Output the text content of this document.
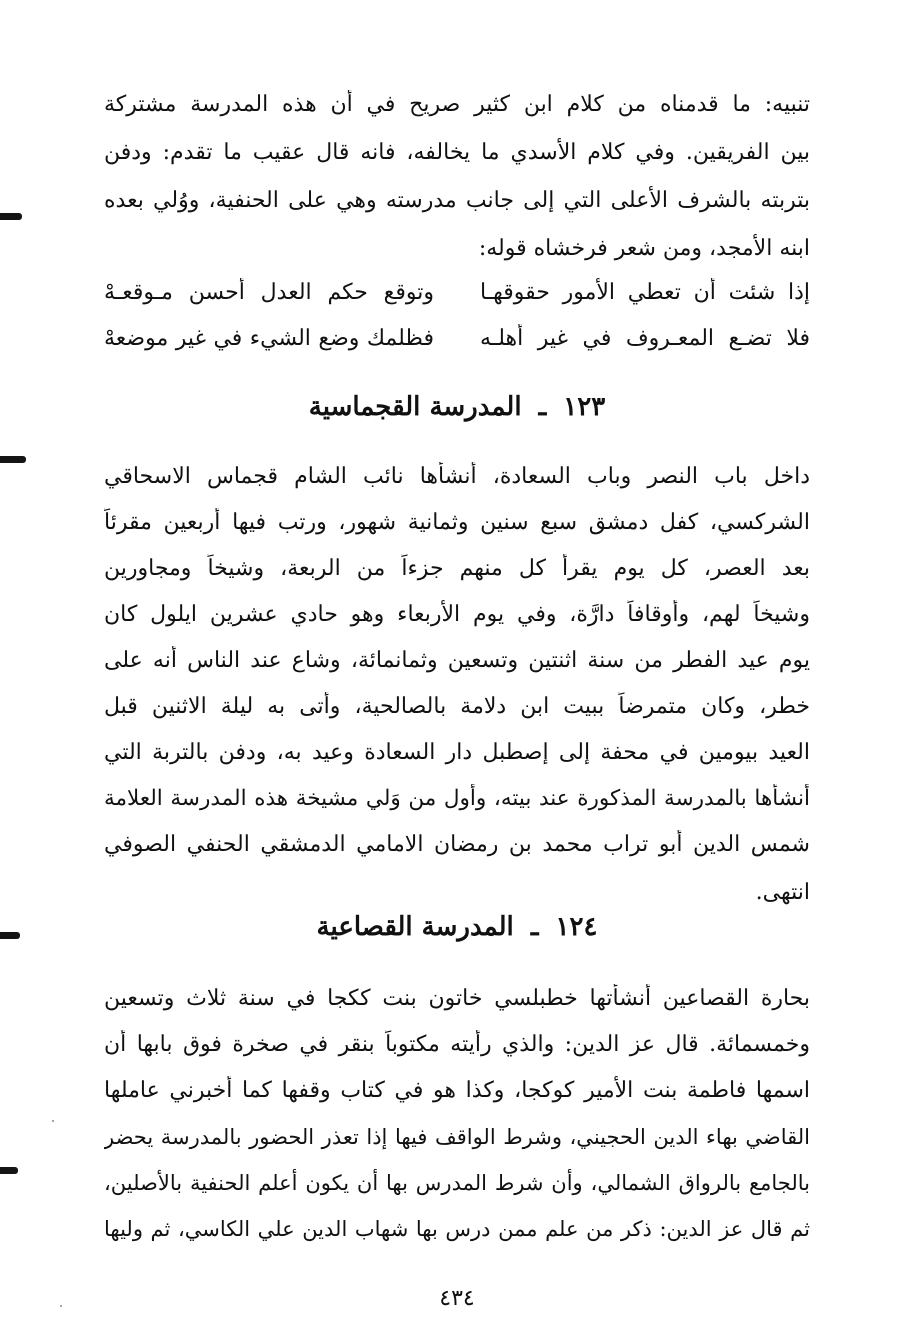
تنبيه: ما قدمناه من كلام ابن كثير صريح في أن هذه المدرسة مشتركة
بين الفريقين. وفي كلام الأسدي ما يخالفه، فانه قال عقيب ما تقدم: ودفن
بتربته بالشرف الأعلى التي إلى جانب مدرسته وهي على الحنفية، ووُلي بعده
ابنه الأمجد، ومن شعر فرخشاه قوله:
إذا شئت أن تعطي الأمور حقوقهـا
وتوقع حكم العدل أحسن مـوقعـهْ
فلا تضـع المعـروف في غير أهلـه
فظلمك وضع الشيء في غير موضعهْ
١٢٣ ـ المدرسة القجماسية
داخل باب النصر وباب السعادة، أنشأها نائب الشام قجماس الاسحاقي
الشركسي، كفل دمشق سبع سنين وثمانية شهور، ورتب فيها أربعين مقرئاً
بعد العصر، كل يوم يقرأ كل منهم جزءاً من الربعة، وشيخاً ومجاورين
وشيخاً لهم، وأوقافاً دارَّة، وفي يوم الأربعاء وهو حادي عشرين ايلول كان
يوم عيد الفطر من سنة اثنتين وتسعين وثمانمائة، وشاع عند الناس أنه على
خطر، وكان متمرضاً ببيت ابن دلامة بالصالحية، وأتى به ليلة الاثنين قبل
العيد بيومين في محفة إلى إصطبل دار السعادة وعيد به، ودفن بالتربة التي
أنشأها بالمدرسة المذكورة عند بيته، وأول من وَلي مشيخة هذه المدرسة العلامة
شمس الدين أبو تراب محمد بن رمضان الامامي الدمشقي الحنفي الصوفي
انتهى.
١٢٤ ـ المدرسة القصاعية
بحارة القصاعين أنشأتها خطبلسي خاتون بنت ككجا في سنة ثلاث وتسعين
وخمسمائة. قال عز الدين: والذي رأيته مكتوباً بنقر في صخرة فوق بابها أن
اسمها فاطمة بنت الأمير كوكجا، وكذا هو في كتاب وقفها كما أخبرني عاملها
القاضي بهاء الدين الحجيني، وشرط الواقف فيها إذا تعذر الحضور بالمدرسة يحضر
بالجامع بالرواق الشمالي، وأن شرط المدرس بها أن يكون أعلم الحنفية بالأصلين،
ثم قال عز الدين: ذكر من علم ممن درس بها شهاب الدين علي الكاسي، ثم وليها
٤٣٤
